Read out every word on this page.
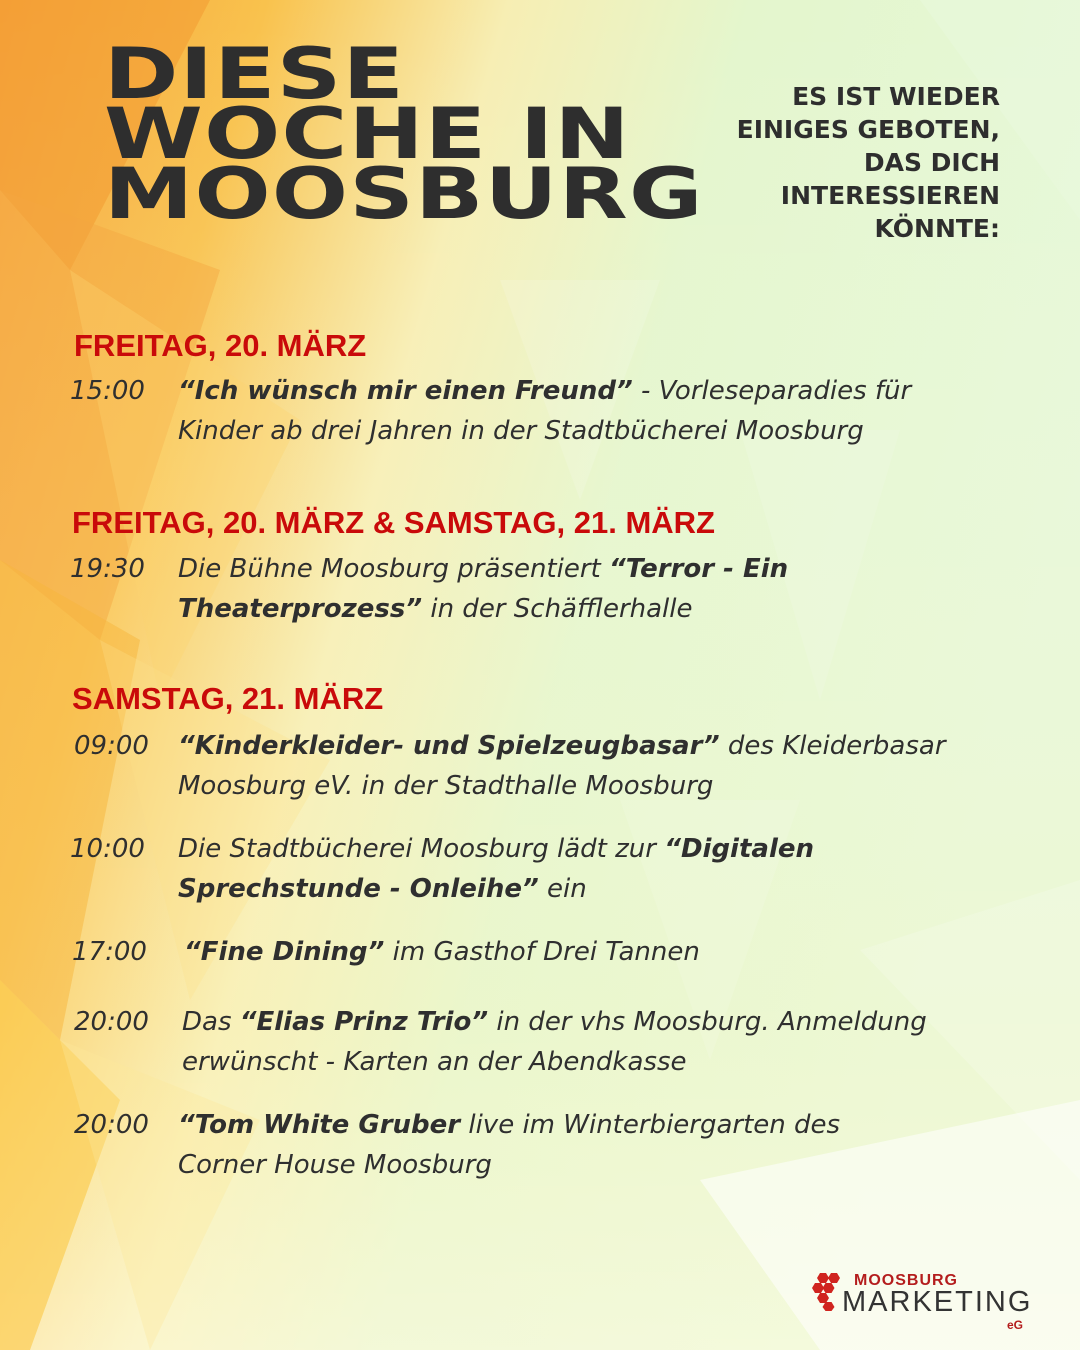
DIESE
WOCHE IN
MOOSBURG
ES IST WIEDER
EINIGES GEBOTEN,
DAS DICH
INTERESSIEREN
KÖNNTE:
FREITAG, 20. MÄRZ
15:00 “Ich wünsch mir einen Freund” - Vorleseparadies für
Kinder ab drei Jahren in der Stadtbücherei Moosburg
FREITAG, 20. MÄRZ & SAMSTAG, 21. MÄRZ
19:30 Die Bühne Moosburg präsentiert “Terror - Ein
Theaterprozess” in der Schäfflerhalle
SAMSTAG, 21. MÄRZ
09:00 “Kinderkleider- und Spielzeugbasar” des Kleiderbasar
Moosburg eV. in der Stadthalle Moosburg
10:00 Die Stadtbücherei Moosburg lädt zur “Digitalen
Sprechstunde - Onleihe” ein
17:00 “Fine Dining” im Gasthof Drei Tannen
20:00 Das “Elias Prinz Trio” in der vhs Moosburg. Anmeldung
erwünscht - Karten an der Abendkasse
20:00 “Tom White Gruber live im Winterbiergarten des
Corner House Moosburg
MOOSBURG
MARKETING
eG
